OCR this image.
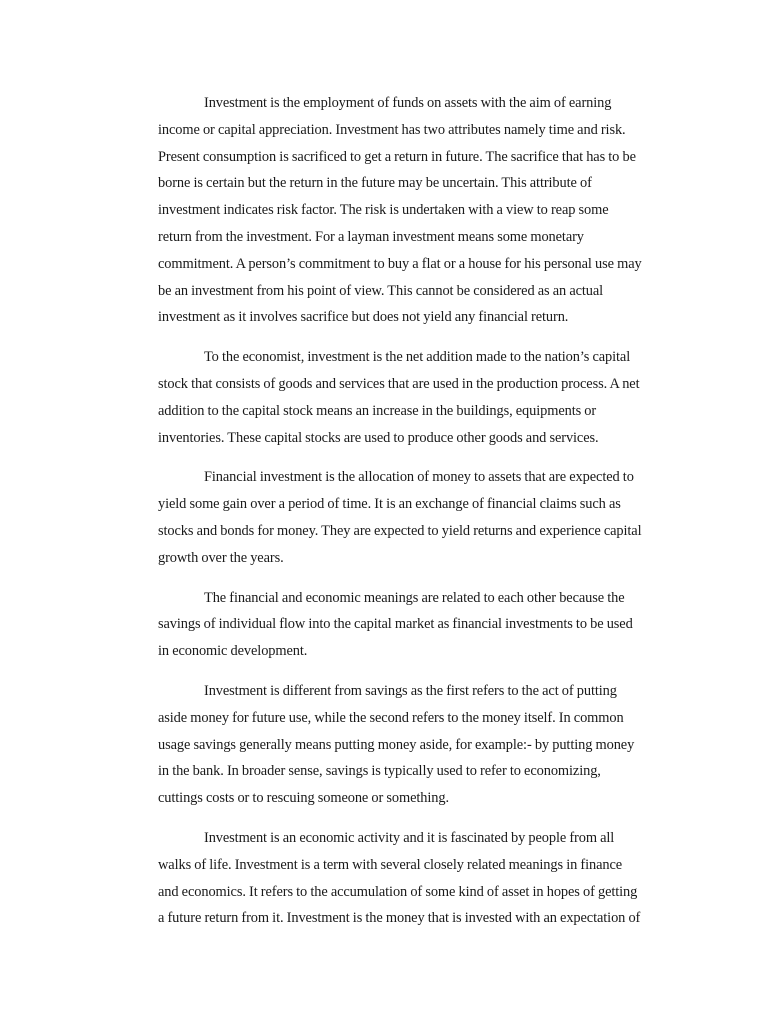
Investment is the employment of funds on assets with the aim of earning
income or capital appreciation. Investment has two attributes namely time and risk.
Present consumption is sacrificed to get a return in future. The sacrifice that has to be
borne is certain but the return in the future may be uncertain. This attribute of
investment indicates risk factor. The risk is undertaken with a view to reap some
return from the investment. For a layman investment means some monetary
commitment. A person’s commitment to buy a flat or a house for his personal use may
be an investment from his point of view. This cannot be considered as an actual
investment as it involves sacrifice but does not yield any financial return.

To the economist, investment is the net addition made to the nation’s capital
stock that consists of goods and services that are used in the production process. A net
addition to the capital stock means an increase in the buildings, equipments or
inventories. These capital stocks are used to produce other goods and services.

Financial investment is the allocation of money to assets that are expected to
yield some gain over a period of time. It is an exchange of financial claims such as
stocks and bonds for money. They are expected to yield returns and experience capital
growth over the years.

The financial and economic meanings are related to each other because the
savings of individual flow into the capital market as financial investments to be used
in economic development.

Investment is different from savings as the first refers to the act of putting
aside money for future use, while the second refers to the money itself. In common
usage savings generally means putting money aside, for example:- by putting money
in the bank. In broader sense, savings is typically used to refer to economizing,
cuttings costs or to rescuing someone or something.

Investment is an economic activity and it is fascinated by people from all
walks of life. Investment is a term with several closely related meanings in finance
and economics. It refers to the accumulation of some kind of asset in hopes of getting
a future return from it. Investment is the money that is invested with an expectation of
